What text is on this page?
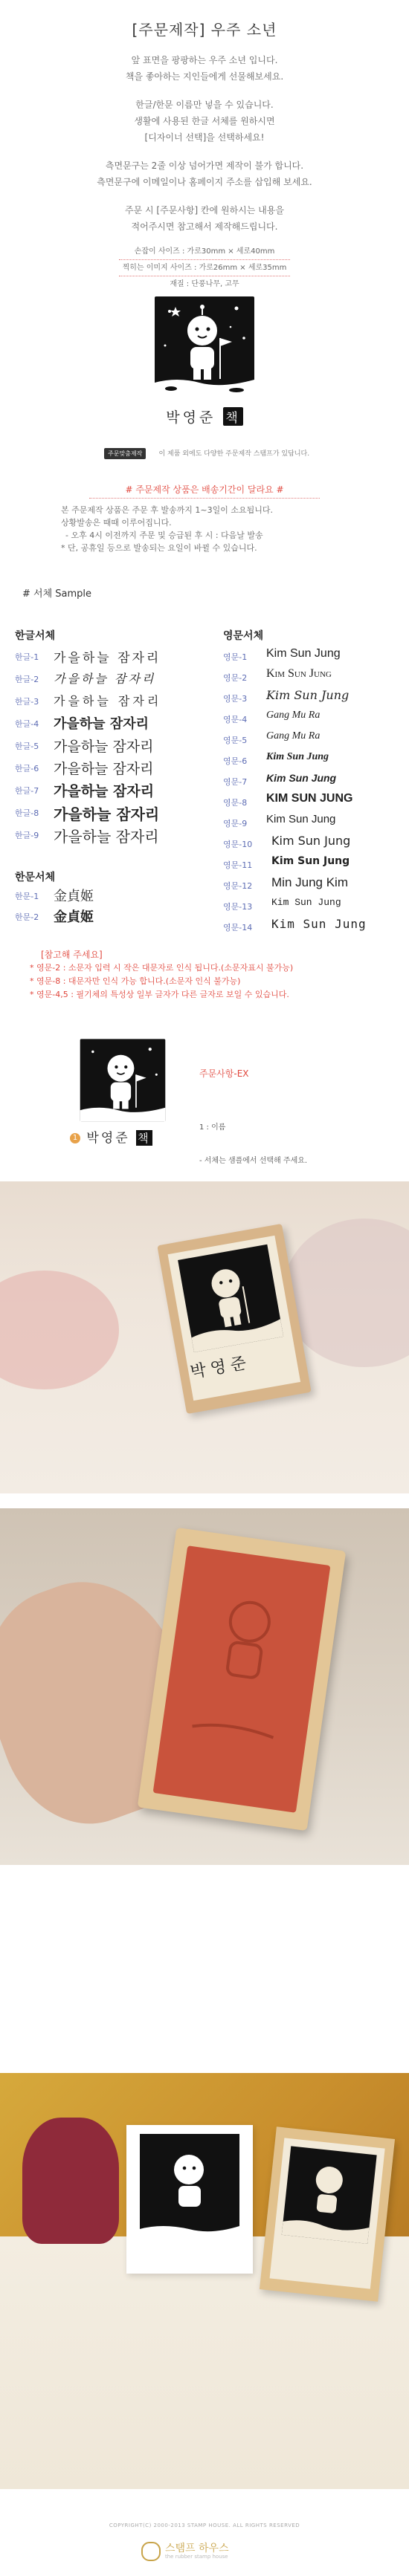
[주문제작] 우주 소년
앞 표면을 팡팡하는 우주 소년 입니다.
책을 좋아하는 지인들에게 선물해보세요.
한글/한문 이름만 넣을 수 있습니다.
생활에 사용된 한글 서체를 원하시면
[디자이너 선택]을 선택하세요!
측면문구는 2줄 이상 넘어가면 제작이 불가 합니다.
측면문구에 이메일이나 홈페이지 주소를 삽입해 보세요.
주문 시 [주문사항] 칸에 원하시는 내용을
적어주시면 참고해서 제작해드립니다.
손잡이 사이즈 : 가로30mm × 세로40mm
찍히는 이미지 사이즈 : 가로26mm × 세로35mm
재질 : 단풍나무, 고무
박영준 책
주문맞춤제작 이 제품 외에도 다양한 주문제작 스탬프가 있답니다.
# 주문제작 상품은 배송기간이 달라요 #
본 주문제작 상품은 주문 후 발송까지 1~3일이 소요됩니다.
상황발송은 때때 이루어집니다.
- 오후 4시 이전까지 주문 및 승급된 후 시 : 다음날 발송
* 단, 공휴일 등으로 발송되는 요일이 바뀔 수 있습니다.
# 서체 Sample
한글서체	영문서체
한글-1 가을하늘 잠자리
한글-2 가을하늘 잠자리
한글-3 가을하늘 잠자리
한글-4 가을하늘 잠자리
한글-5 가을하늘 잠자리
한글-6 가을하늘 잠자리
한글-7 가을하늘 잠자리
한글-8 가을하늘 잠자리
한글-9 가을하늘 잠자리
한문서체
한문-1 金貞姬
한문-2 金貞姬
영문-1 Kim Sun Jung
영문-2 Kim Sun Jung
영문-3 Kim Sun Jung
영문-4 Gang Mu Ra
영문-5 Gang Mu Ra
영문-6 Kim Sun Jung
영문-7 Kim Sun Jung
영문-8 KIM SUN JUNG
영문-9 Kim Sun Jung
영문-10 Kim Sun Jung
영문-11 Kim Sun Jung
영문-12 Min Jung Kim
영문-13 Kim Sun Jung
영문-14 Kim Sun Jung
[참고해 주세요]
* 영문-2 : 소문자 입력 시 작은 대문자로 인식 됩니다.(소문자표시 불가능)
* 영문-8 : 대문자만 인식 가능 합니다.(소문자 인식 불가능)
* 영문-4,5 : 필기체의 특성상 일부 글자가 다른 글자로 보일 수 있습니다.
1 박영준 책
주문사항-EX

1 : 이름

- 서체는 샘플에서 선택해 주세요.

박영준
COPYRIGHT(C) 2000-2013 STAMP HOUSE. ALL RIGHTS RESERVED
스탬프 하우스
the rubber stamp house
